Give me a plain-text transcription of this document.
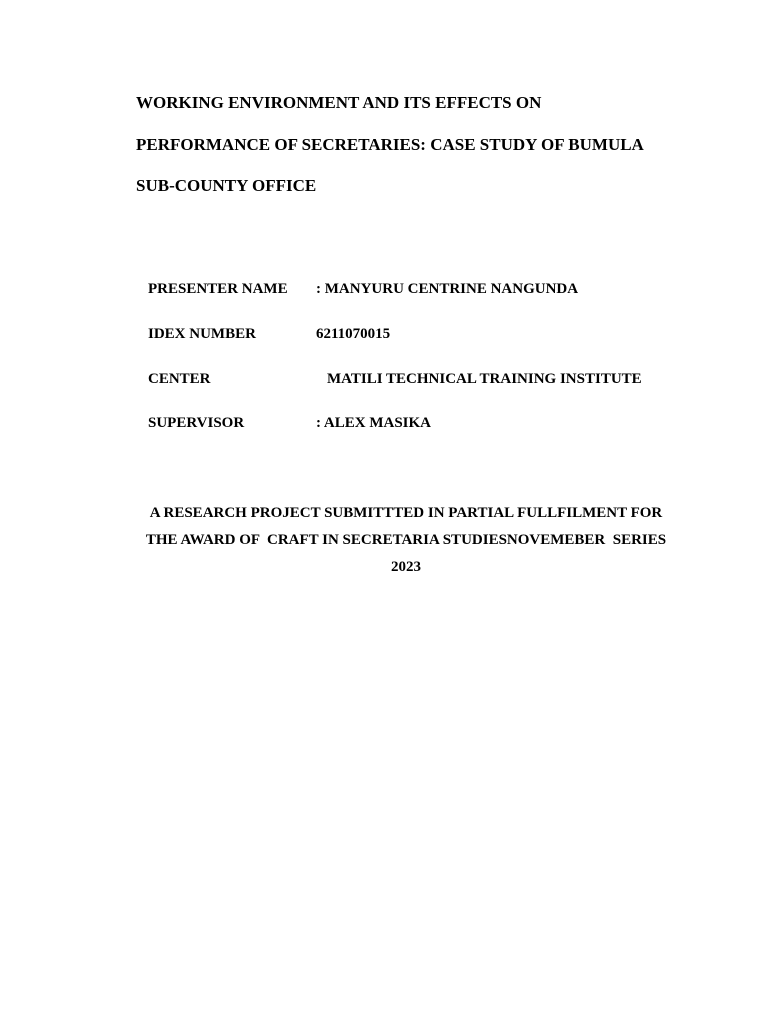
WORKING ENVIRONMENT AND ITS EFFECTS ON
PERFORMANCE OF SECRETARIES: CASE STUDY OF BUMULA
SUB-COUNTY OFFICE
PRESENTER NAME : MANYURU CENTRINE NANGUNDA
IDEX NUMBER	6211070015
CENTER	MATILI TECHNICAL TRAINING INSTITUTE
SUPERVISOR	: ALEX MASIKA
A RESEARCH PROJECT SUBMITTTED IN PARTIAL FULLFILMENT FOR
THE AWARD OF  CRAFT IN SECRETARIA STUDIESNOVEMEBER  SERIES
2023
